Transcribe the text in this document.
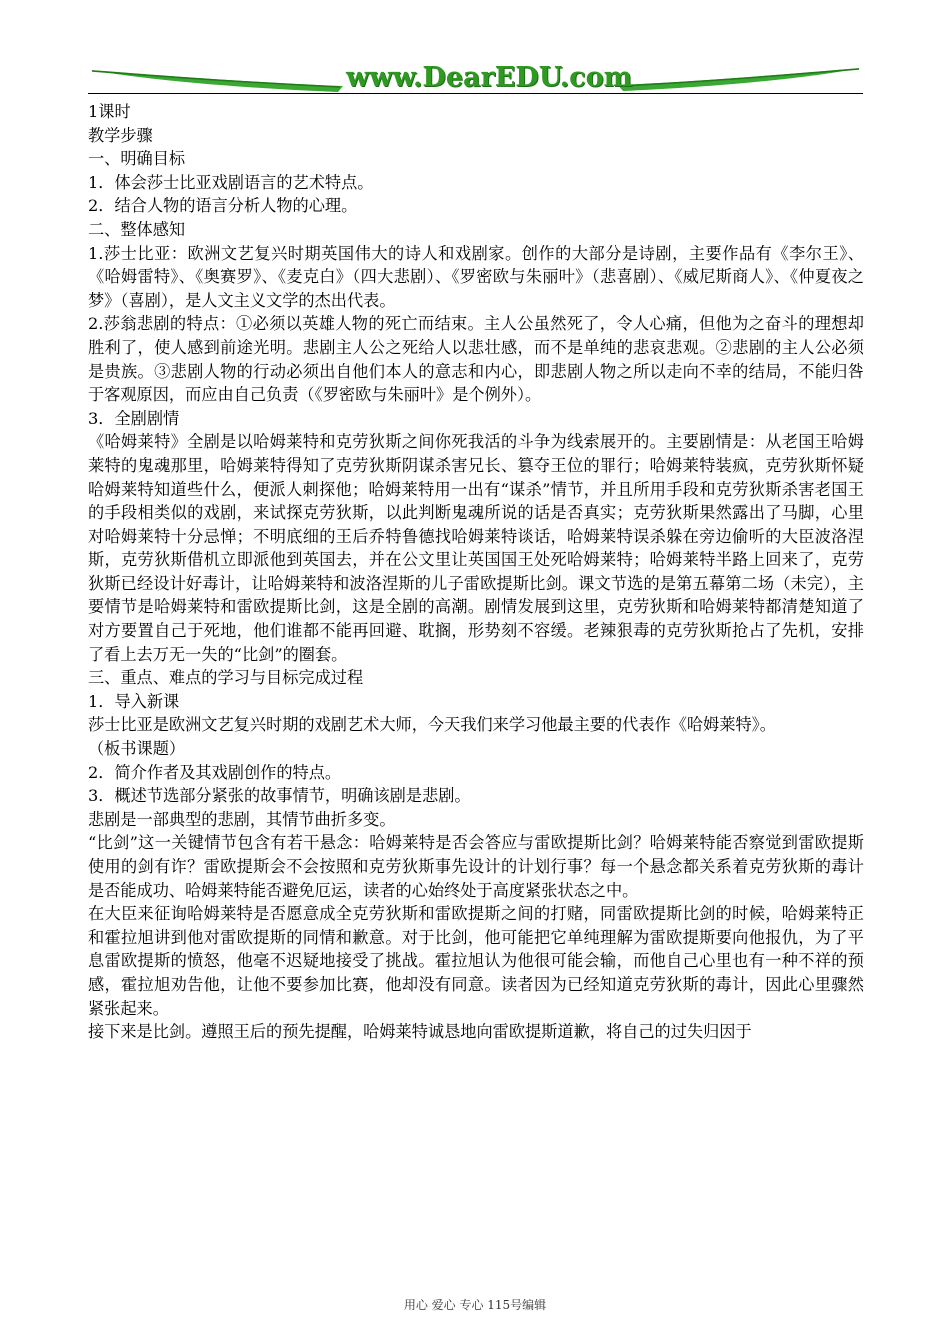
www.DearEDU.com

1课时

教学步骤

一、明确目标

1．体会莎士比亚戏剧语言的艺术特点。

2．结合人物的语言分析人物的心理。

二、整体感知

1.莎士比亚：欧洲文艺复兴时期英国伟大的诗人和戏剧家。创作的大部分是诗剧，主要作品有《李尔王》、《哈姆雷特》、《奥赛罗》、《麦克白》（四大悲剧）、《罗密欧与朱丽叶》（悲喜剧）、《威尼斯商人》、《仲夏夜之梦》（喜剧），是人文主义文学的杰出代表。

2.莎翁悲剧的特点：①必须以英雄人物的死亡而结束。主人公虽然死了，令人心痛，但他为之奋斗的理想却胜利了，使人感到前途光明。悲剧主人公之死给人以悲壮感，而不是单纯的悲哀悲观。②悲剧的主人公必须是贵族。③悲剧人物的行动必须出自他们本人的意志和内心，即悲剧人物之所以走向不幸的结局，不能归咎于客观原因，而应由自己负责（《罗密欧与朱丽叶》是个例外）。

3．全剧剧情

《哈姆莱特》全剧是以哈姆莱特和克劳狄斯之间你死我活的斗争为线索展开的。主要剧情是：从老国王哈姆莱特的鬼魂那里，哈姆莱特得知了克劳狄斯阴谋杀害兄长、篡夺王位的罪行；哈姆莱特装疯，克劳狄斯怀疑哈姆莱特知道些什么，便派人刺探他；哈姆莱特用一出有“谋杀”情节，并且所用手段和克劳狄斯杀害老国王的手段相类似的戏剧，来试探克劳狄斯，以此判断鬼魂所说的话是否真实；克劳狄斯果然露出了马脚，心里对哈姆莱特十分忌惮；不明底细的王后乔特鲁德找哈姆莱特谈话，哈姆莱特误杀躲在旁边偷听的大臣波洛涅斯，克劳狄斯借机立即派他到英国去，并在公文里让英国国王处死哈姆莱特；哈姆莱特半路上回来了，克劳狄斯已经设计好毒计，让哈姆莱特和波洛涅斯的儿子雷欧提斯比剑。课文节选的是第五幕第二场（未完），主要情节是哈姆莱特和雷欧提斯比剑，这是全剧的高潮。剧情发展到这里，克劳狄斯和哈姆莱特都清楚知道了对方要置自己于死地，他们谁都不能再回避、耽搁，形势刻不容缓。老辣狠毒的克劳狄斯抢占了先机，安排了看上去万无一失的“比剑”的圈套。

三、重点、难点的学习与目标完成过程

1．导入新课

莎士比亚是欧洲文艺复兴时期的戏剧艺术大师，今天我们来学习他最主要的代表作《哈姆莱特》。

（板书课题）

2．简介作者及其戏剧创作的特点。

3．概述节选部分紧张的故事情节，明确该剧是悲剧。

悲剧是一部典型的悲剧，其情节曲折多变。

“比剑”这一关键情节包含有若干悬念：哈姆莱特是否会答应与雷欧提斯比剑？哈姆莱特能否察觉到雷欧提斯使用的剑有诈？雷欧提斯会不会按照和克劳狄斯事先设计的计划行事？每一个悬念都关系着克劳狄斯的毒计是否能成功、哈姆莱特能否避免厄运，读者的心始终处于高度紧张状态之中。

在大臣来征询哈姆莱特是否愿意成全克劳狄斯和雷欧提斯之间的打赌，同雷欧提斯比剑的时候，哈姆莱特正和霍拉旭讲到他对雷欧提斯的同情和歉意。对于比剑，他可能把它单纯理解为雷欧提斯要向他报仇，为了平息雷欧提斯的愤怒，他毫不迟疑地接受了挑战。霍拉旭认为他很可能会输，而他自己心里也有一种不祥的预感，霍拉旭劝告他，让他不要参加比赛，他却没有同意。读者因为已经知道克劳狄斯的毒计，因此心里骤然紧张起来。

接下来是比剑。遵照王后的预先提醒，哈姆莱特诚恳地向雷欧提斯道歉，将自己的过失归因于

用心 爱心 专心 115号编辑
